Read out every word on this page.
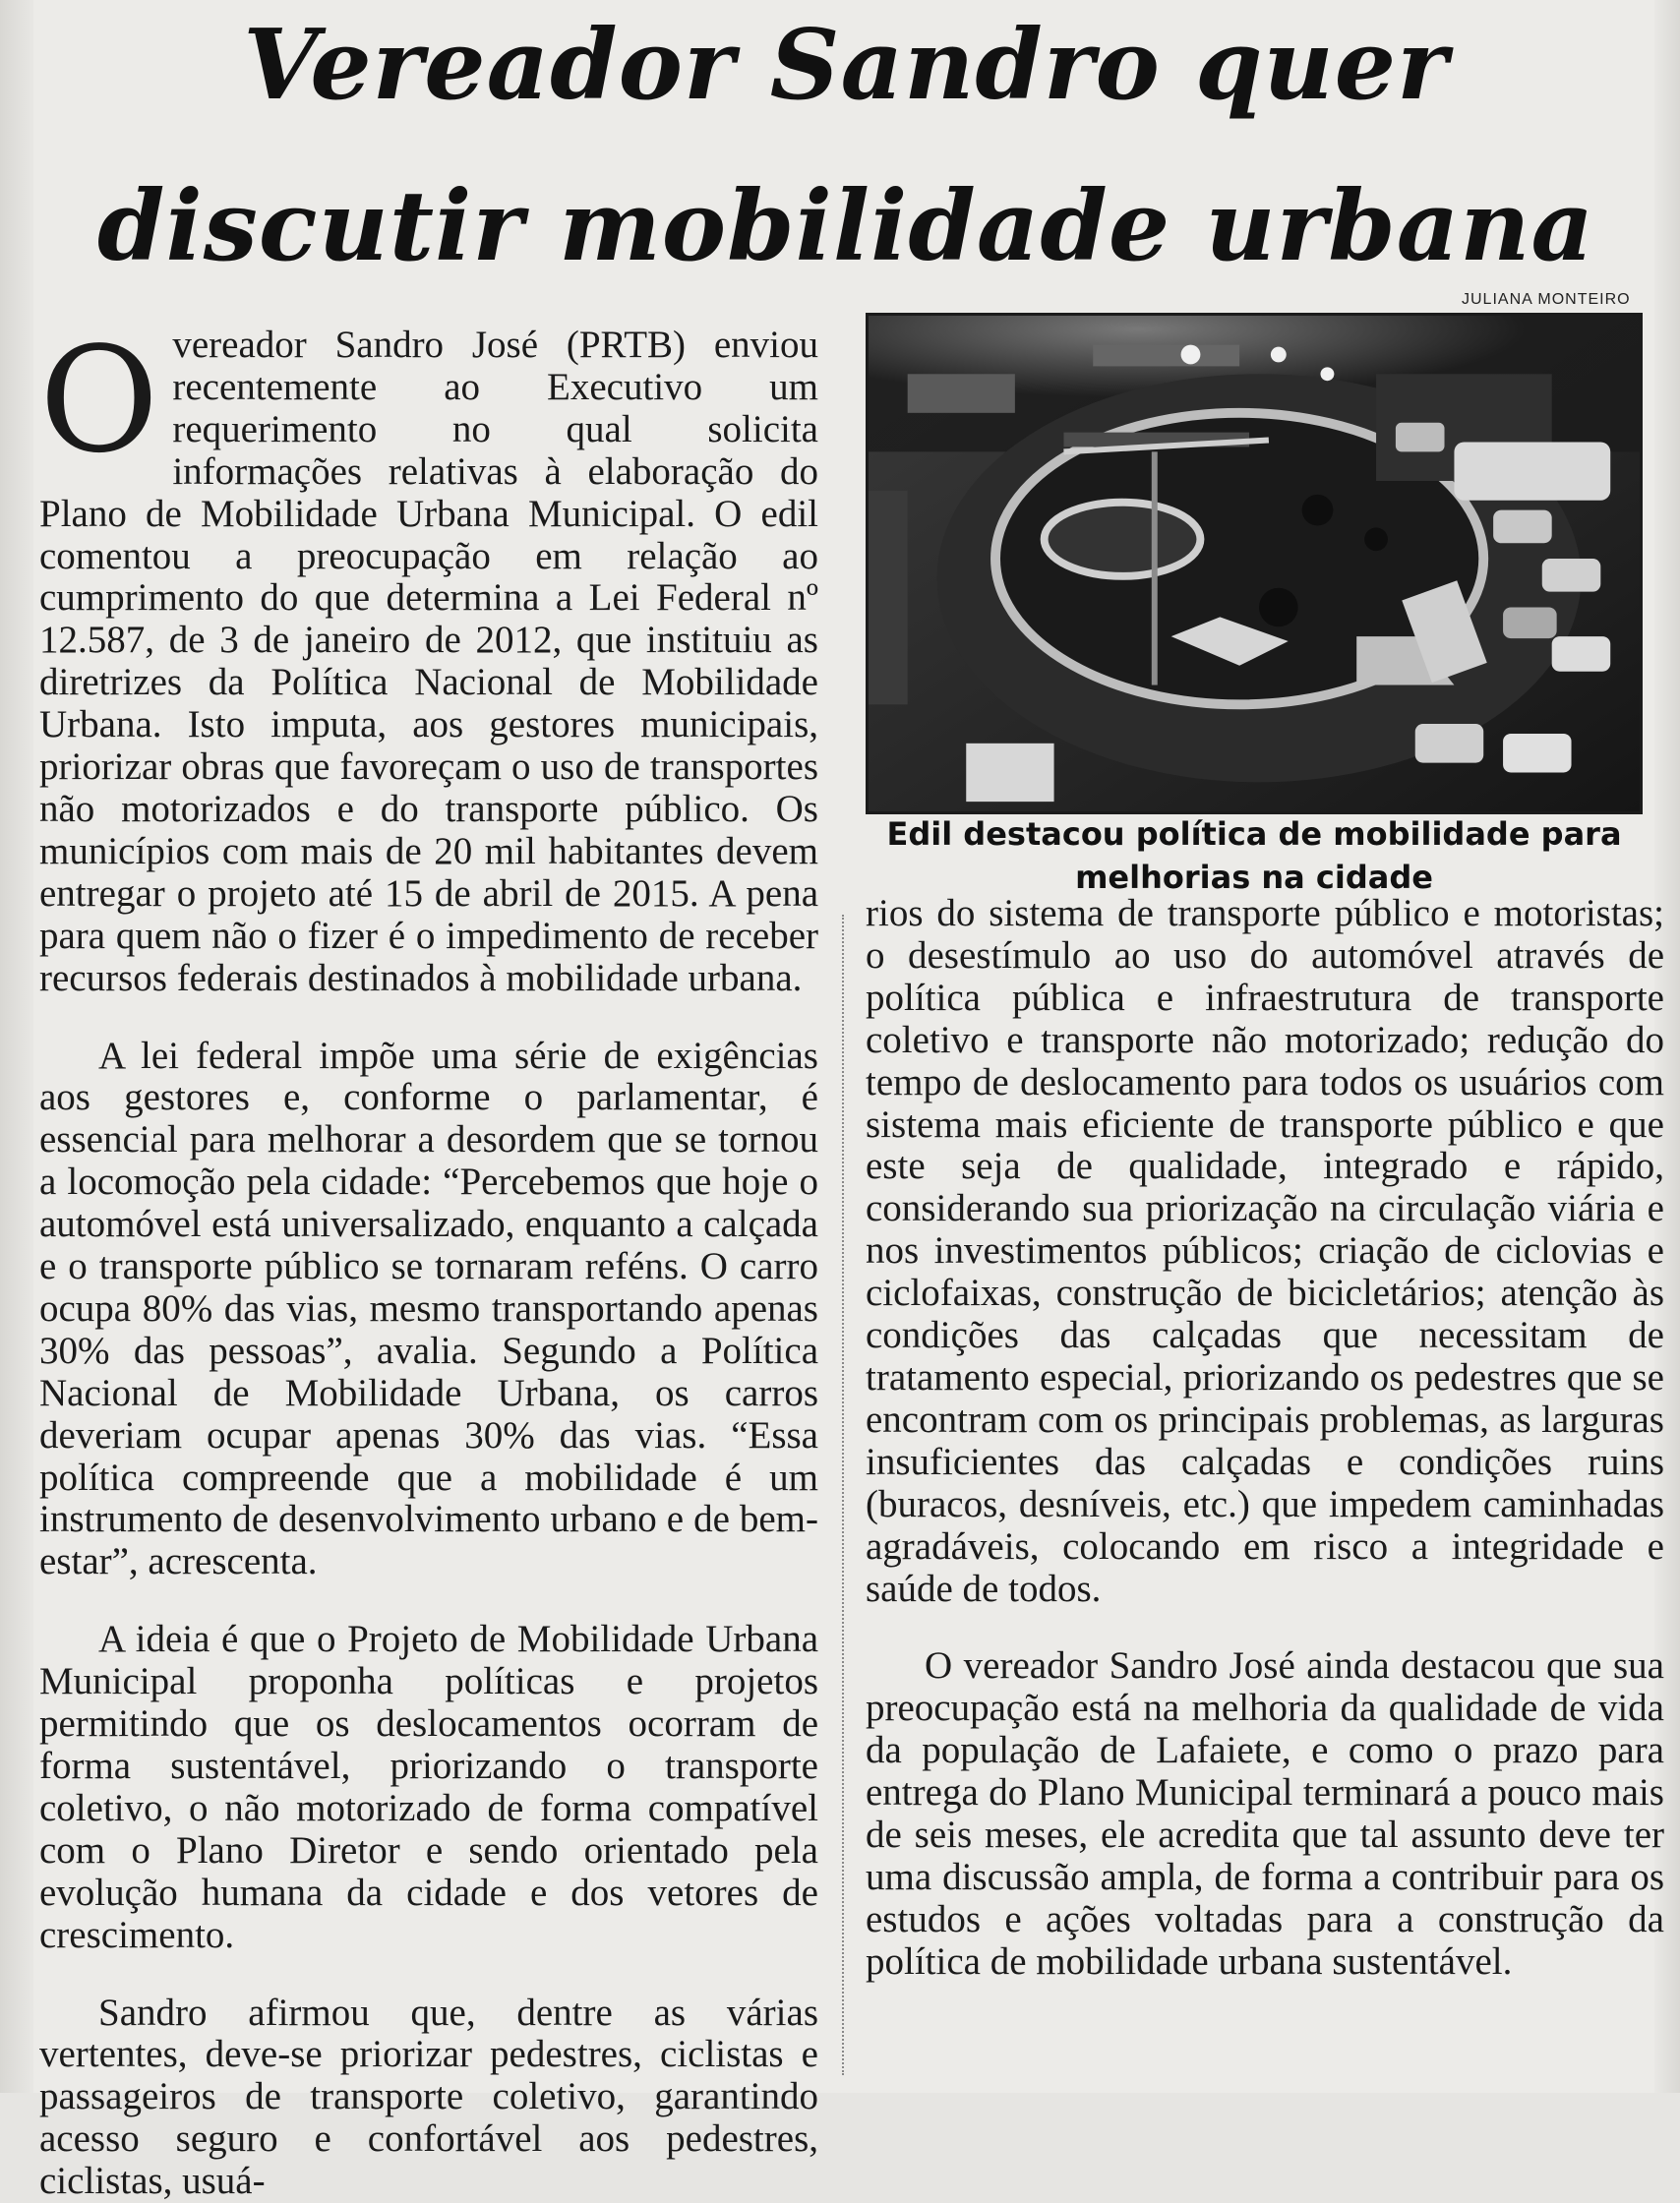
Vereador Sandro quer
discutir mobilidade urbana

Overeador Sandro José (PRTB) enviou recentemente ao Executivo um requerimento no qual solicita informações relativas à elaboração do Plano de Mobilidade Urbana Municipal. O edil comentou a preocupação em relação ao cumprimento do que determina a Lei Federal nº 12.587, de 3 de janeiro de 2012, que instituiu as diretrizes da Política Nacional de Mobilidade Urbana. Isto imputa, aos gestores municipais, priorizar obras que favoreçam o uso de transportes não motorizados e do transporte público. Os municípios com mais de 20 mil habitantes devem entregar o projeto até 15 de abril de 2015. A pena para quem não o fizer é o impedimento de receber recursos federais destinados à mobilidade urbana.

A lei federal impõe uma série de exigências aos gestores e, conforme o parlamentar, é essencial para melhorar a desordem que se tornou a locomoção pela cidade: “Percebemos que hoje o automóvel está universalizado, enquanto a calçada e o transporte público se tornaram reféns. O carro ocupa 80% das vias, mesmo transportando apenas 30% das pessoas”, avalia. Segundo a Política Nacional de Mobilidade Urbana, os carros deveriam ocupar apenas 30% das vias. “Essa política compreende que a mobilidade é um instrumento de desenvolvimento urbano e de bem-estar”, acrescenta.

A ideia é que o Projeto de Mobilidade Urbana Municipal proponha políticas e projetos permitindo que os deslocamentos ocorram de forma sustentável, priorizando o transporte coletivo, o não motorizado de forma compatível com o Plano Diretor e sendo orientado pela evolução humana da cidade e dos vetores de crescimento.

Sandro afirmou que, dentre as várias vertentes, deve-se priorizar pedestres, ciclistas e passageiros de transporte coletivo, garantindo acesso seguro e confortável aos pedestres, ciclistas, usuá-

JULIANA MONTEIRO
Edil destacou política de mobilidade para melhorias na cidade

rios do sistema de transporte público e motoristas; o desestímulo ao uso do automóvel através de política pública e infraestrutura de transporte coletivo e transporte não motorizado; redução do tempo de deslocamento para todos os usuários com sistema mais eficiente de transporte público e que este seja de qualidade, integrado e rápido, considerando sua priorização na circulação viária e nos investimentos públicos; criação de ciclovias e ciclofaixas, construção de bicicletários; atenção às condições das calçadas que necessitam de tratamento especial, priorizando os pedestres que se encontram com os principais problemas, as larguras insuficientes das calçadas e condições ruins (buracos, desníveis, etc.) que impedem caminhadas agradáveis, colocando em risco a integridade e saúde de todos.

O vereador Sandro José ainda destacou que sua preocupação está na melhoria da qualidade de vida da população de Lafaiete, e como o prazo para entrega do Plano Municipal terminará a pouco mais de seis meses, ele acredita que tal assunto deve ter uma discussão ampla, de forma a contribuir para os estudos e ações voltadas para a construção da política de mobilidade urbana sustentável.
